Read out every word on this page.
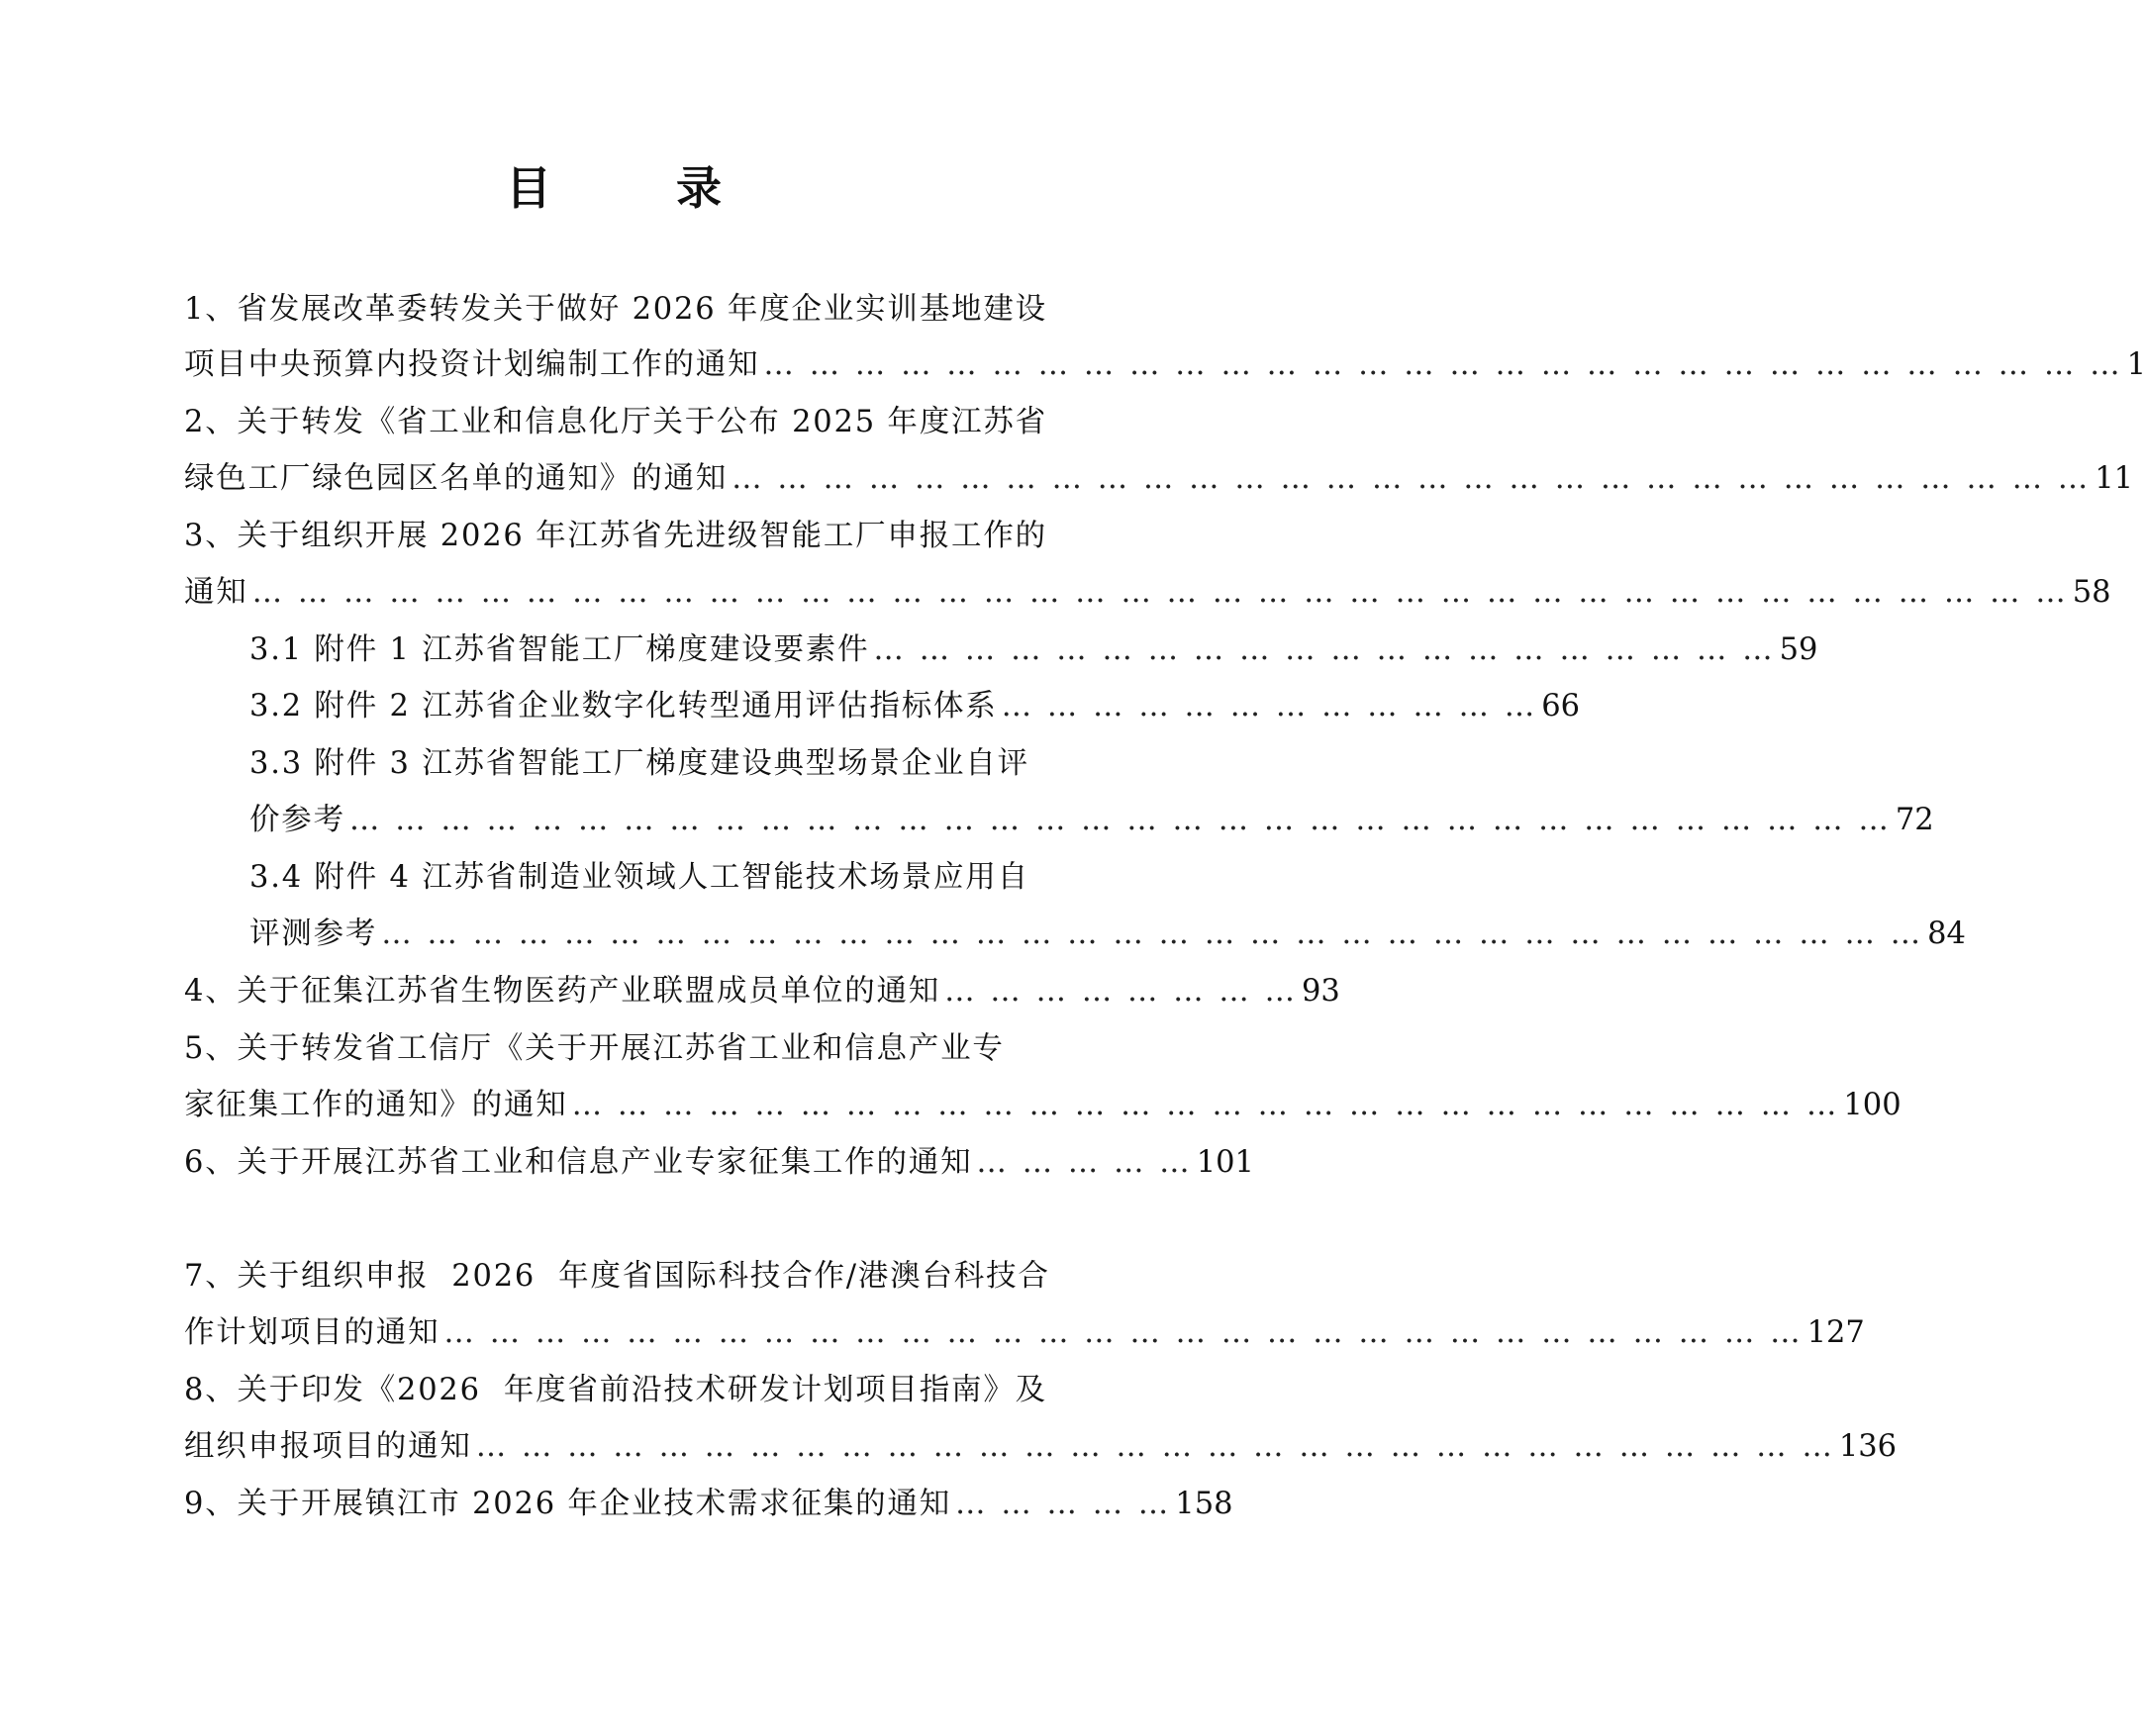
目　录
1、省发展改革委转发关于做好 2026 年度企业实训基地建设
项目中央预算内投资计划编制工作的通知 … … … … … … … … … … … … … … … … … … … … … … … … … … … … … … 1
2、关于转发《省工业和信息化厅关于公布 2025 年度江苏省
绿色工厂绿色园区名单的通知》的通知 … … … … … … … … … … … … … … … … … … … … … … … … … … … … … … 11
3、关于组织开展 2026 年江苏省先进级智能工厂申报工作的
通知 … … … … … … … … … … … … … … … … … … … … … … … … … … … … … … … … … … … … … … … … 58
3.1 附件 1 江苏省智能工厂梯度建设要素件 … … … … … … … … … … … … … … … … … … … … 59
3.2 附件 2 江苏省企业数字化转型通用评估指标体系 … … … … … … … … … … … … 66
3.3 附件 3 江苏省智能工厂梯度建设典型场景企业自评
价参考 … … … … … … … … … … … … … … … … … … … … … … … … … … … … … … … … … … 72
3.4 附件 4 江苏省制造业领域人工智能技术场景应用自
评测参考 … … … … … … … … … … … … … … … … … … … … … … … … … … … … … … … … … … 84
4、关于征集江苏省生物医药产业联盟成员单位的通知 … … … … … … … … 93
5、关于转发省工信厅《关于开展江苏省工业和信息产业专
家征集工作的通知》的通知 … … … … … … … … … … … … … … … … … … … … … … … … … … … … 100
6、关于开展江苏省工业和信息产业专家征集工作的通知 … … … … … 101
7、关于组织申报  2026  年度省国际科技合作/港澳台科技合
作计划项目的通知 … … … … … … … … … … … … … … … … … … … … … … … … … … … … … … 127
8、关于印发《2026  年度省前沿技术研发计划项目指南》及
组织申报项目的通知 … … … … … … … … … … … … … … … … … … … … … … … … … … … … … … 136
9、关于开展镇江市 2026 年企业技术需求征集的通知 … … … … … 158
